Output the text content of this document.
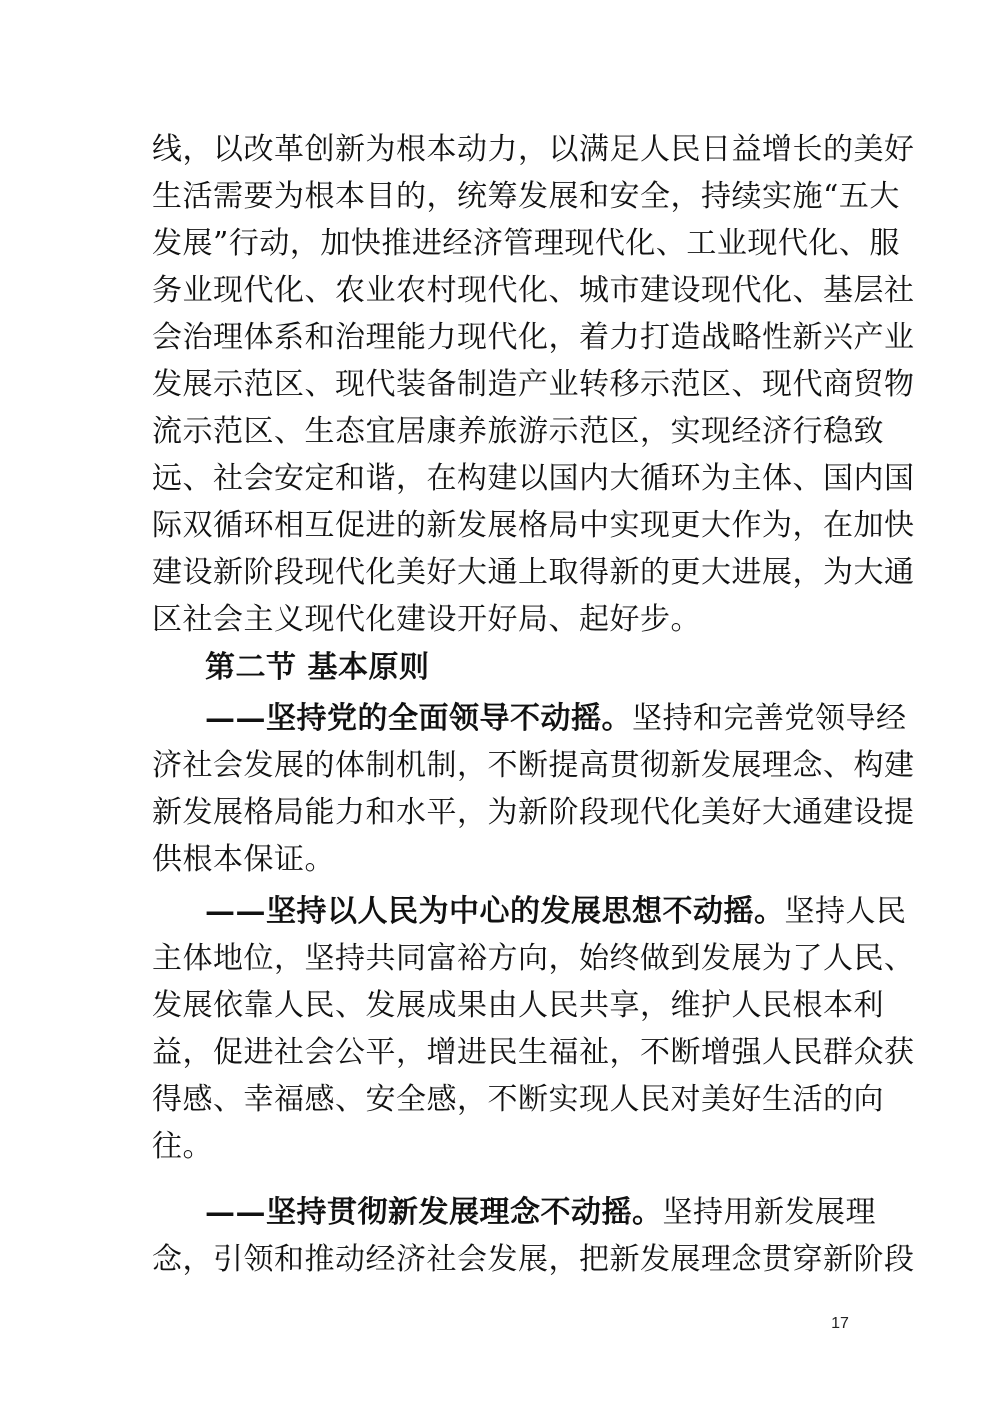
线，以改革创新为根本动力，以满足人民日益增长的美好
生活需要为根本目的，统筹发展和安全，持续实施“五大
发展”行动，加快推进经济管理现代化、工业现代化、服
务业现代化、农业农村现代化、城市建设现代化、基层社
会治理体系和治理能力现代化，着力打造战略性新兴产业
发展示范区、现代装备制造产业转移示范区、现代商贸物
流示范区、生态宜居康养旅游示范区，实现经济行稳致
远、社会安定和谐，在构建以国内大循环为主体、国内国
际双循环相互促进的新发展格局中实现更大作为，在加快
建设新阶段现代化美好大通上取得新的更大进展，为大通
区社会主义现代化建设开好局、起好步。
第二节 基本原则
——坚持党的全面领导不动摇。坚持和完善党领导经
济社会发展的体制机制，不断提高贯彻新发展理念、构建
新发展格局能力和水平，为新阶段现代化美好大通建设提
供根本保证。
——坚持以人民为中心的发展思想不动摇。坚持人民
主体地位，坚持共同富裕方向，始终做到发展为了人民、
发展依靠人民、发展成果由人民共享，维护人民根本利
益，促进社会公平，增进民生福祉，不断增强人民群众获
得感、幸福感、安全感，不断实现人民对美好生活的向
往。
——坚持贯彻新发展理念不动摇。坚持用新发展理
念，引领和推动经济社会发展，把新发展理念贯穿新阶段
17
